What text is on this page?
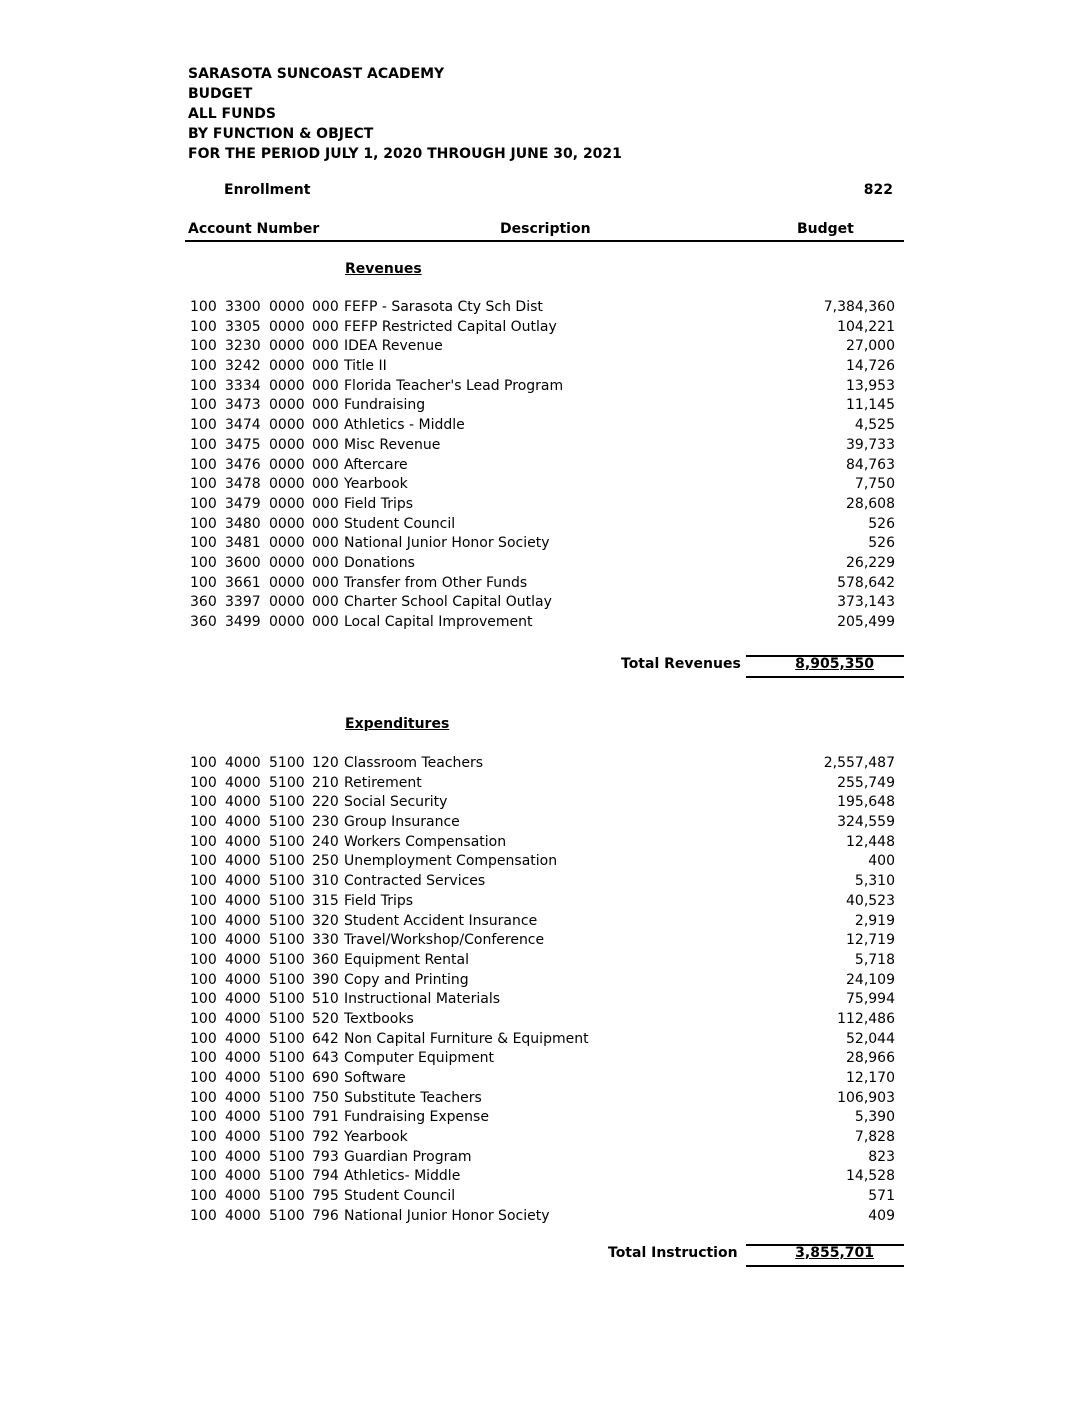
SARASOTA SUNCOAST ACADEMY
BUDGET
ALL FUNDS
BY FUNCTION & OBJECT
FOR THE PERIOD JULY 1, 2020 THROUGH JUNE 30, 2021
Enrollment	822
Account Number	Description	Budget
Revenues
100 3300 0000 000 FEFP - Sarasota Cty Sch Dist	7,384,360
100 3305 0000 000 FEFP Restricted Capital Outlay	104,221
100 3230 0000 000 IDEA Revenue	27,000
100 3242 0000 000 Title II	14,726
100 3334 0000 000 Florida Teacher's Lead Program	13,953
100 3473 0000 000 Fundraising	11,145
100 3474 0000 000 Athletics - Middle	4,525
100 3475 0000 000 Misc Revenue	39,733
100 3476 0000 000 Aftercare	84,763
100 3478 0000 000 Yearbook	7,750
100 3479 0000 000 Field Trips	28,608
100 3480 0000 000 Student Council	526
100 3481 0000 000 National Junior Honor Society	526
100 3600 0000 000 Donations	26,229
100 3661 0000 000 Transfer from Other Funds	578,642
360 3397 0000 000 Charter School Capital Outlay	373,143
360 3499 0000 000 Local Capital Improvement	205,499
Total Revenues	8,905,350
Expenditures
100 4000 5100 120 Classroom Teachers	2,557,487
100 4000 5100 210 Retirement	255,749
100 4000 5100 220 Social Security	195,648
100 4000 5100 230 Group Insurance	324,559
100 4000 5100 240 Workers Compensation	12,448
100 4000 5100 250 Unemployment Compensation	400
100 4000 5100 310 Contracted Services	5,310
100 4000 5100 315 Field Trips	40,523
100 4000 5100 320 Student Accident Insurance	2,919
100 4000 5100 330 Travel/Workshop/Conference	12,719
100 4000 5100 360 Equipment Rental	5,718
100 4000 5100 390 Copy and Printing	24,109
100 4000 5100 510 Instructional Materials	75,994
100 4000 5100 520 Textbooks	112,486
100 4000 5100 642 Non Capital Furniture & Equipment	52,044
100 4000 5100 643 Computer Equipment	28,966
100 4000 5100 690 Software	12,170
100 4000 5100 750 Substitute Teachers	106,903
100 4000 5100 791 Fundraising Expense	5,390
100 4000 5100 792 Yearbook	7,828
100 4000 5100 793 Guardian Program	823
100 4000 5100 794 Athletics- Middle	14,528
100 4000 5100 795 Student Council	571
100 4000 5100 796 National Junior Honor Society	409
Total Instruction	3,855,701
